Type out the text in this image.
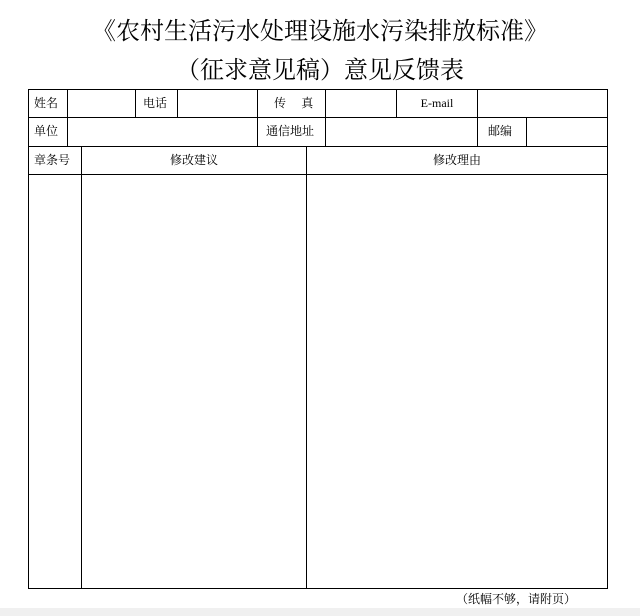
《农村生活污水处理设施水污染排放标准》
（征求意见稿）意见反馈表
姓名	电话	传    真	E-mail
单位	通信地址	邮编
章条号	修改建议	修改理由
（纸幅不够，请附页）
